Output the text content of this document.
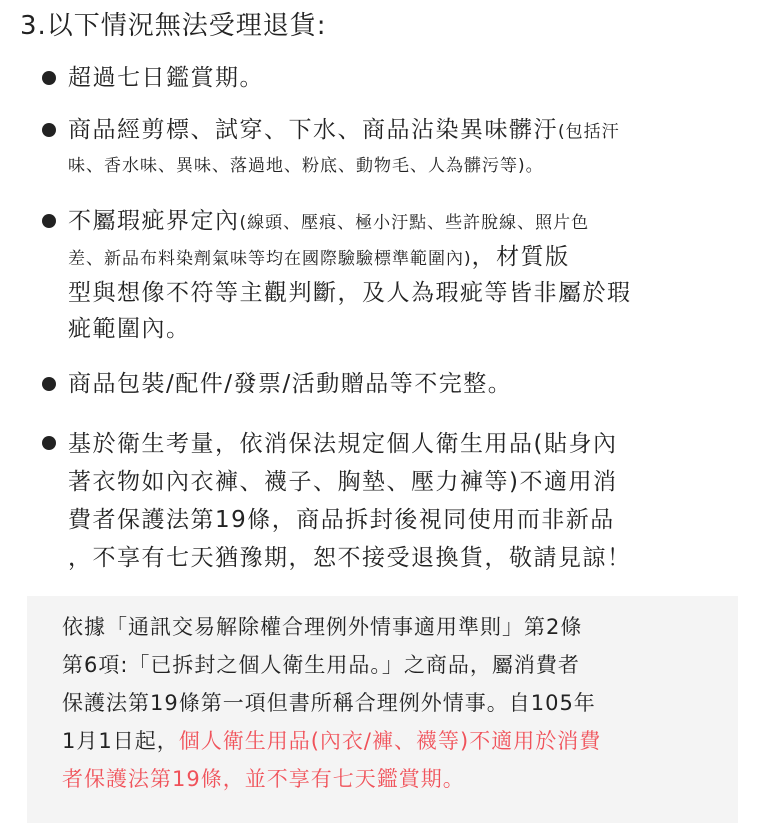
3.以下情況無法受理退貨:
超過七日鑑賞期。
商品經剪標、試穿、下水、商品沾染異味髒汙(包括汗
味、香水味、異味、落過地、粉底、動物毛、人為髒污等)。
不屬瑕疵界定內(線頭、壓痕、極小汙點、些許脫線、照片色
差、新品布料染劑氣味等均在國際驗驗標準範圍內)，材質版
型與想像不符等主觀判斷，及人為瑕疵等皆非屬於瑕
疵範圍內。
商品包裝/配件/發票/活動贈品等不完整。
基於衛生考量，依消保法規定個人衛生用品(貼身內
著衣物如內衣褲、襪子、胸墊、壓力褲等)不適用消
費者保護法第19條，商品拆封後視同使用而非新品
，不享有七天猶豫期，恕不接受退換貨，敬請見諒！
依據「通訊交易解除權合理例外情事適用準則」第2條
第6項:「已拆封之個人衛生用品。」之商品，屬消費者
保護法第19條第一項但書所稱合理例外情事。自105年
1月1日起，個人衛生用品(內衣/褲、襪等)不適用於消費
者保護法第19條，並不享有七天鑑賞期。
